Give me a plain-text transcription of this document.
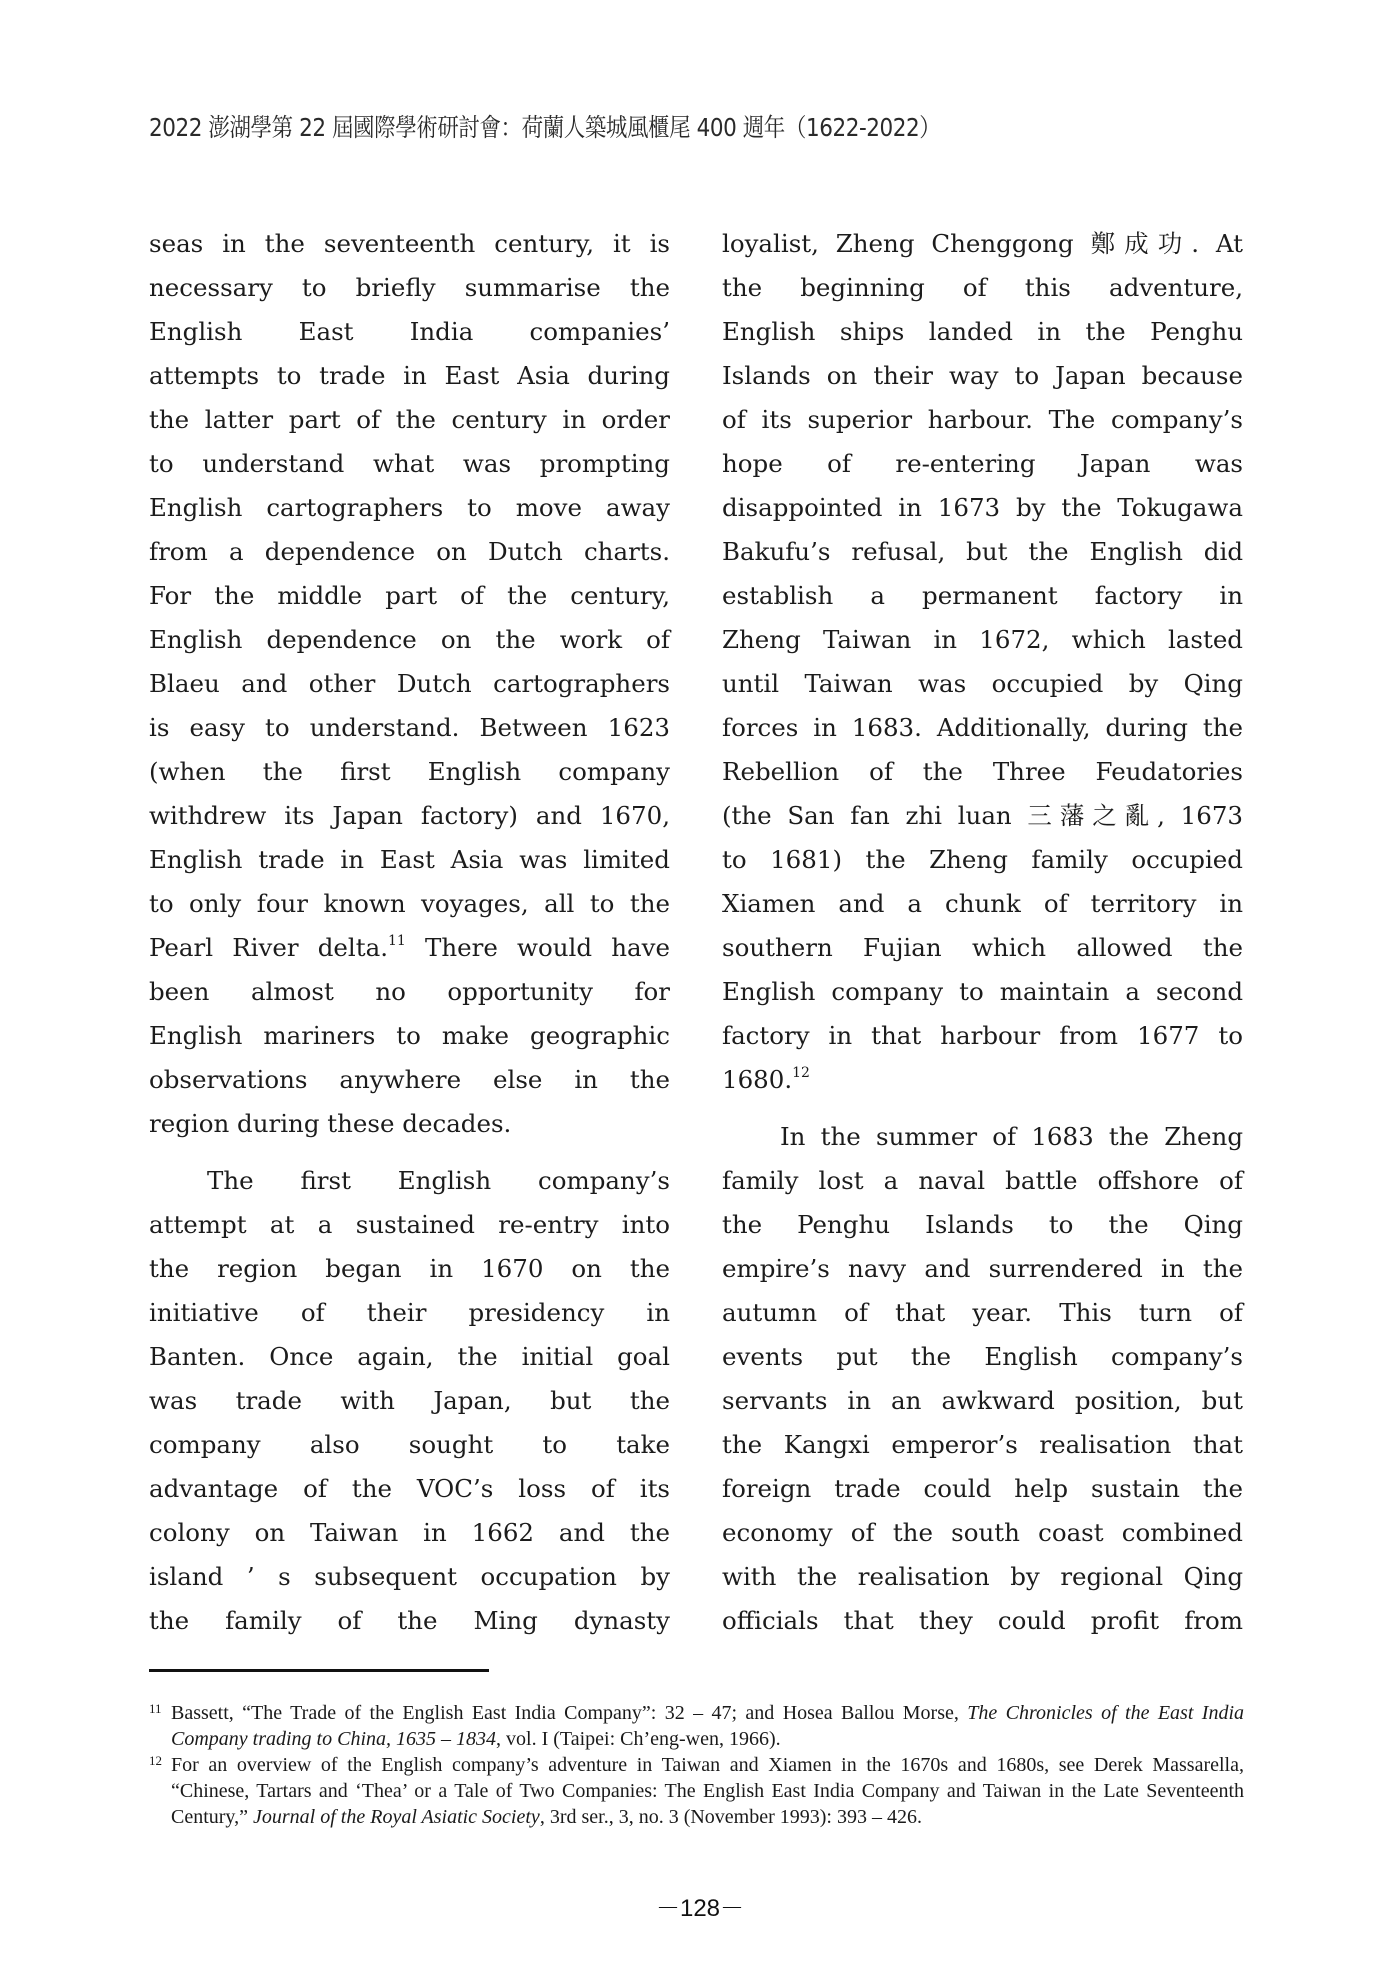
2022 澎湖學第 22 屆國際學術研討會：荷蘭人築城風櫃尾 400 週年（1622-2022）
seas in the seventeenth century, it is
necessary to briefly summarise the
English East India companies’
attempts to trade in East Asia during
the latter part of the century in order
to understand what was prompting
English cartographers to move away
from a dependence on Dutch charts.
For the middle part of the century,
English dependence on the work of
Blaeu and other Dutch cartographers
is easy to understand. Between 1623
(when the first English company
withdrew its Japan factory) and 1670,
English trade in East Asia was limited
to only four known voyages, all to the
Pearl River delta.$^{11}$ There would have
been almost no opportunity for
English mariners to make geographic
observations anywhere else in the
region during these decades.
The first English company’s
attempt at a sustained re-entry into
the region began in 1670 on the
initiative of their presidency in
Banten. Once again, the initial goal
was trade with Japan, but the
company also sought to take
advantage of the VOC’s loss of its
colony on Taiwan in 1662 and the
island ’ s subsequent occupation by
the family of the Ming dynasty
loyalist, Zheng Chenggong 鄭成功. At
the beginning of this adventure,
English ships landed in the Penghu
Islands on their way to Japan because
of its superior harbour. The company’s
hope of re-entering Japan was
disappointed in 1673 by the Tokugawa
Bakufu’s refusal, but the English did
establish a permanent factory in
Zheng Taiwan in 1672, which lasted
until Taiwan was occupied by Qing
forces in 1683. Additionally, during the
Rebellion of the Three Feudatories
(the San fan zhi luan 三藩之亂, 1673
to 1681) the Zheng family occupied
Xiamen and a chunk of territory in
southern Fujian which allowed the
English company to maintain a second
factory in that harbour from 1677 to
1680.12
In the summer of 1683 the Zheng
family lost a naval battle offshore of
the Penghu Islands to the Qing
empire’s navy and surrendered in the
autumn of that year. This turn of
events put the English company’s
servants in an awkward position, but
the Kangxi emperor’s realisation that
foreign trade could help sustain the
economy of the south coast combined
with the realisation by regional Qing
officials that they could profit from
11 Bassett, “The Trade of the English East India Company”: 32 – 47; and Hosea Ballou Morse, The Chronicles of the East India
Company trading to China, 1635 – 1834, vol. I (Taipei: Ch’eng-wen, 1966).
12 For an overview of the English company’s adventure in Taiwan and Xiamen in the 1670s and 1680s, see Derek Massarella,
“Chinese, Tartars and ‘Thea’ or a Tale of Two Companies: The English East India Company and Taiwan in the Late Seventeenth
Century,” Journal of the Royal Asiatic Society, 3rd ser., 3, no. 3 (November 1993): 393 – 426.
－128－
